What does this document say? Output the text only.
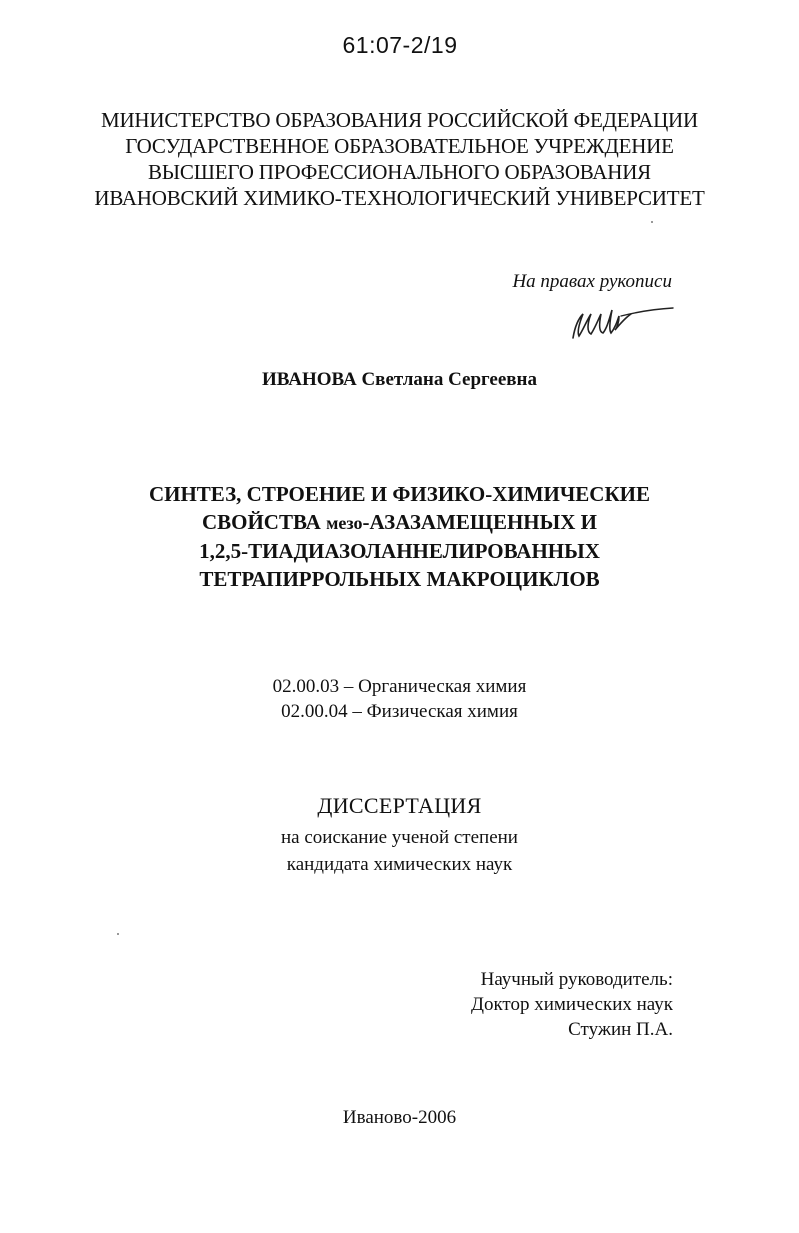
61:07-2/19
МИНИСТЕРСТВО ОБРАЗОВАНИЯ РОССИЙСКОЙ ФЕДЕРАЦИИ
ГОСУДАРСТВЕННОЕ ОБРАЗОВАТЕЛЬНОЕ УЧРЕЖДЕНИЕ
ВЫСШЕГО ПРОФЕССИОНАЛЬНОГО ОБРАЗОВАНИЯ
ИВАНОВСКИЙ ХИМИКО-ТЕХНОЛОГИЧЕСКИЙ УНИВЕРСИТЕТ
На правах рукописи
ИВАНОВА Светлана Сергеевна
СИНТЕЗ, СТРОЕНИЕ И ФИЗИКО-ХИМИЧЕСКИЕ
СВОЙСТВА мезо-АЗАЗАМЕЩЕННЫХ И
1,2,5-ТИАДИАЗОЛАННЕЛИРОВАННЫХ
ТЕТРАПИРРОЛЬНЫХ МАКРОЦИКЛОВ
02.00.03 – Органическая химия
02.00.04 – Физическая химия
ДИССЕРТАЦИЯ
на соискание ученой степени
кандидата химических наук
Научный руководитель:
Доктор химических наук
Стужин П.А.
Иваново-2006
